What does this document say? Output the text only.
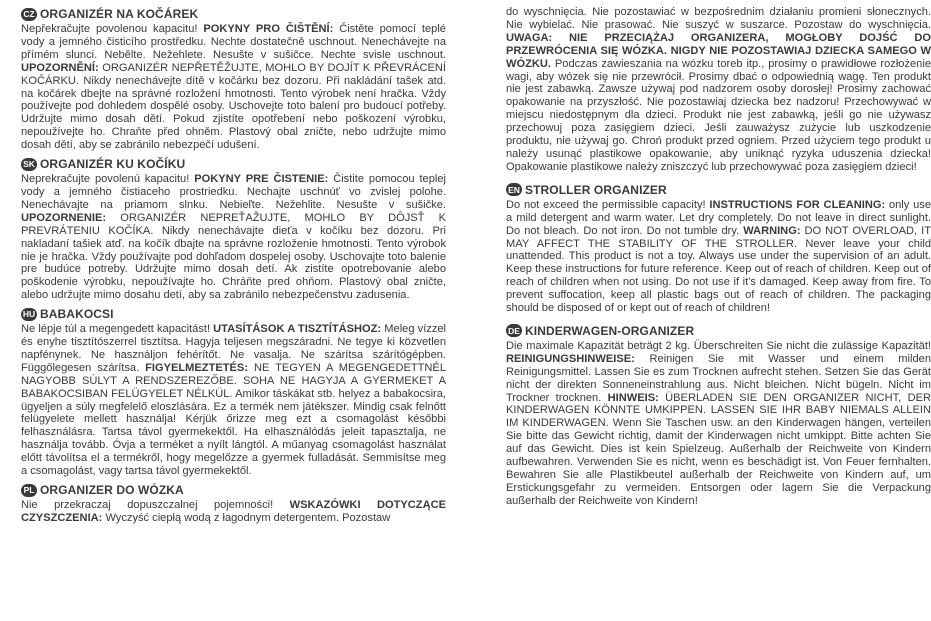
CZ ORGANIZÉR NA KOČÁREK
Nepřekračujte povolenou kapacitu! POKYNY PRO ČIŠTĚNÍ: Čistěte pomocí teplé vody a jemného čisticího prostředku. Nechte dostatečně uschnout. Nenechávejte na přímém slunci. Nebělte. Nežehlete. Nesušte v sušičce. Nechte svisle uschnout. UPOZORNĚNÍ: ORGANIZÉR NEPŘETĚŽUJTE, MOHLO BY DOJÍT K PŘEVRÁCENÍ KOČÁRKU. Nikdy nenechávejte dítě v kočárku bez dozoru. Při nakládání tašek atd. na kočárek dbejte na správné rozložení hmotnosti. Tento výrobek není hračka. Vždy používejte pod dohledem dospělé osoby. Uschovejte toto balení pro budoucí potřeby. Udržujte mimo dosah dětí. Pokud zjistíte opotřebení nebo poškození výrobku, nepoužívejte ho. Chraňte před ohněm. Plastový obal zničte, nebo udržujte mimo dosah dětí, aby se zabránilo nebezpečí udušení.
SK ORGANIZÉR KU KOČÍKU
Neprekračujte povolenú kapacitu! POKYNY PRE ČISTENIE: Čistite pomocou teplej vody a jemného čistiaceho prostriedku. Nechajte uschnúť vo zvislej polohe. Nenechávajte na priamom slnku. Nebieľte. Nežehlite. Nesušte v sušičke. UPOZORNENIE: ORGANIZÉR NEPREŤAŽUJTE, MOHLO BY DÔJSŤ K PREVRÁTENIU KOČÍKA. Nikdy nenechávajte dieťa v kočíku bez dozoru. Pri nakladaní tašiek atď. na kočík dbajte na správne rozloženie hmotnosti. Tento výrobok nie je hračka. Vždy používajte pod dohľadom dospelej osoby. Uschovajte toto balenie pre budúce potreby. Udržujte mimo dosah detí. Ak zistíte opotrebovanie alebo poškodenie výrobku, nepoužívajte ho. Chráňte pred ohňom. Plastový obal zničte, alebo udržujte mimo dosahu detí, aby sa zabránilo nebezpečenstvu zadusenia.
HU BABAKOCSI
Ne lépje túl a megengedett kapacitást! UTASÍTÁSOK A TISZTÍTÁSHOZ: Meleg vízzel és enyhe tisztítószerrel tisztítsa. Hagyja teljesen megszáradni. Ne tegye ki közvetlen napfénynek. Ne használjon fehérítőt. Ne vasalja. Ne szárítsa szárítógépben. Függőlegesen szárítsa. FIGYELMEZTETÉS: NE TEGYEN A MEGENGEDETTNÉL NAGYOBB SÚLYT A RENDSZEREZŐBE. SOHA NE HAGYJA A GYERMEKET A BABAKOCSIBAN FELÜGYELET NÉLKÜL. Amikor táskákat stb. helyez a babakocsira, ügyeljen a súly megfelelő eloszlására. Ez a termék nem játékszer. Mindig csak felnőtt felügyelete mellett használja! Kérjük őrizze meg ezt a csomagolást későbbi felhasználásra. Tartsa távol gyermekektől. Ha elhasználódás jeleit tapasztalja, ne használja tovább. Óvja a terméket a nyílt lángtól. A műanyag csomagolást használat előtt távolítsa el a termékről, hogy megelőzze a gyermek fulladását. Semmisítse meg a csomagolást, vagy tartsa távol gyermekektől.
PL ORGANIZER DO WÓZKA
Nie przekraczaj dopuszczalnej pojemności! WSKAZÓWKI DOTYCZĄCE CZYSZCZENIA: Wyczyść ciepłą wodą z łagodnym detergentem. Pozostaw
do wyschnięcia. Nie pozostawiać w bezpośrednim działaniu promieni słonecznych. Nie wybielać. Nie prasować. Nie suszyć w suszarce. Pozostaw do wyschnięcia. UWAGA: NIE PRZECIĄŻAJ ORGANIZERA, MOGŁOBY DOJŚĆ DO PRZEWRÓCENIA SIĘ WÓZKA. NIGDY NIE POZOSTAWIAJ DZIECKA SAMEGO W WÓZKU. Podczas zawieszania na wózku toreb itp., prosimy o prawidłowe rozłożenie wagi, aby wózek się nie przewrócił. Prosimy dbać o odpowiednią wagę. Ten produkt nie jest zabawką. Zawsze używaj pod nadzorem osoby dorosłej! Prosimy zachować opakowanie na przyszłość. Nie pozostawiaj dziecka bez nadzoru! Przechowywać w miejscu niedostępnym dla dzieci. Produkt nie jest zabawką, jeśli go nie używasz przechowuj poza zasięgiem dzieci. Jeśli zauważysz zużycie lub uszkodzenie produktu, nie używaj go. Chroń produkt przed ogniem. Przed użyciem tego produkt u należy usunąć plastikowe opakowanie, aby uniknąć ryzyka uduszenia dziecka! Opakowanie plastikowe należy zniszczyć lub przechowywać poza zasięgiem dzieci!
EN STROLLER ORGANIZER
Do not exceed the permissible capacity! INSTRUCTIONS FOR CLEANING: only use a mild detergent and warm water. Let dry completely. Do not leave in direct sunlight. Do not bleach. Do not iron. Do not tumble dry. WARNING: DO NOT OVERLOAD, IT MAY AFFECT THE STABILITY OF THE STROLLER. Never leave your child unattended. This product is not a toy. Always use under the supervision of an adult. Keep these instructions for future reference. Keep out of reach of children. Keep out of reach of children when not using. Do not use if it's damaged. Keep away from fire. To prevent suffocation, keep all plastic bags out of reach of children. The packaging should be disposed of or kept out of reach of children!
DE KINDERWAGEN-ORGANIZER
Die maximale Kapazität beträgt 2 kg. Überschreiten Sie nicht die zulässige Kapazität! REINIGUNGSHINWEISE: Reinigen Sie mit Wasser und einem milden Reinigungsmittel. Lassen Sie es zum Trocknen aufrecht stehen. Setzen Sie das Gerät nicht der direkten Sonneneinstrahlung aus. Nicht bleichen. Nicht bügeln. Nicht im Trockner trocknen. HINWEIS: ÜBERLADEN SIE DEN ORGANIZER NICHT, DER KINDERWAGEN KÖNNTE UMKIPPEN. LASSEN SIE IHR BABY NIEMALS ALLEIN IM KINDERWAGEN. Wenn Sie Taschen usw. an den Kinderwagen hängen, verteilen Sie bitte das Gewicht richtig, damit der Kinderwagen nicht umkippt. Bitte achten Sie auf das Gewicht. Dies ist kein Spielzeug. Außerhalb der Reichweite von Kindern aufbewahren. Verwenden Sie es nicht, wenn es beschädigt ist. Von Feuer fernhalten. Bewahren Sie alle Plastikbeutel außerhalb der Reichweite von Kindern auf, um Erstickungsgefahr zu vermeiden. Entsorgen oder lagern Sie die Verpackung außerhalb der Reichweite von Kindern!
